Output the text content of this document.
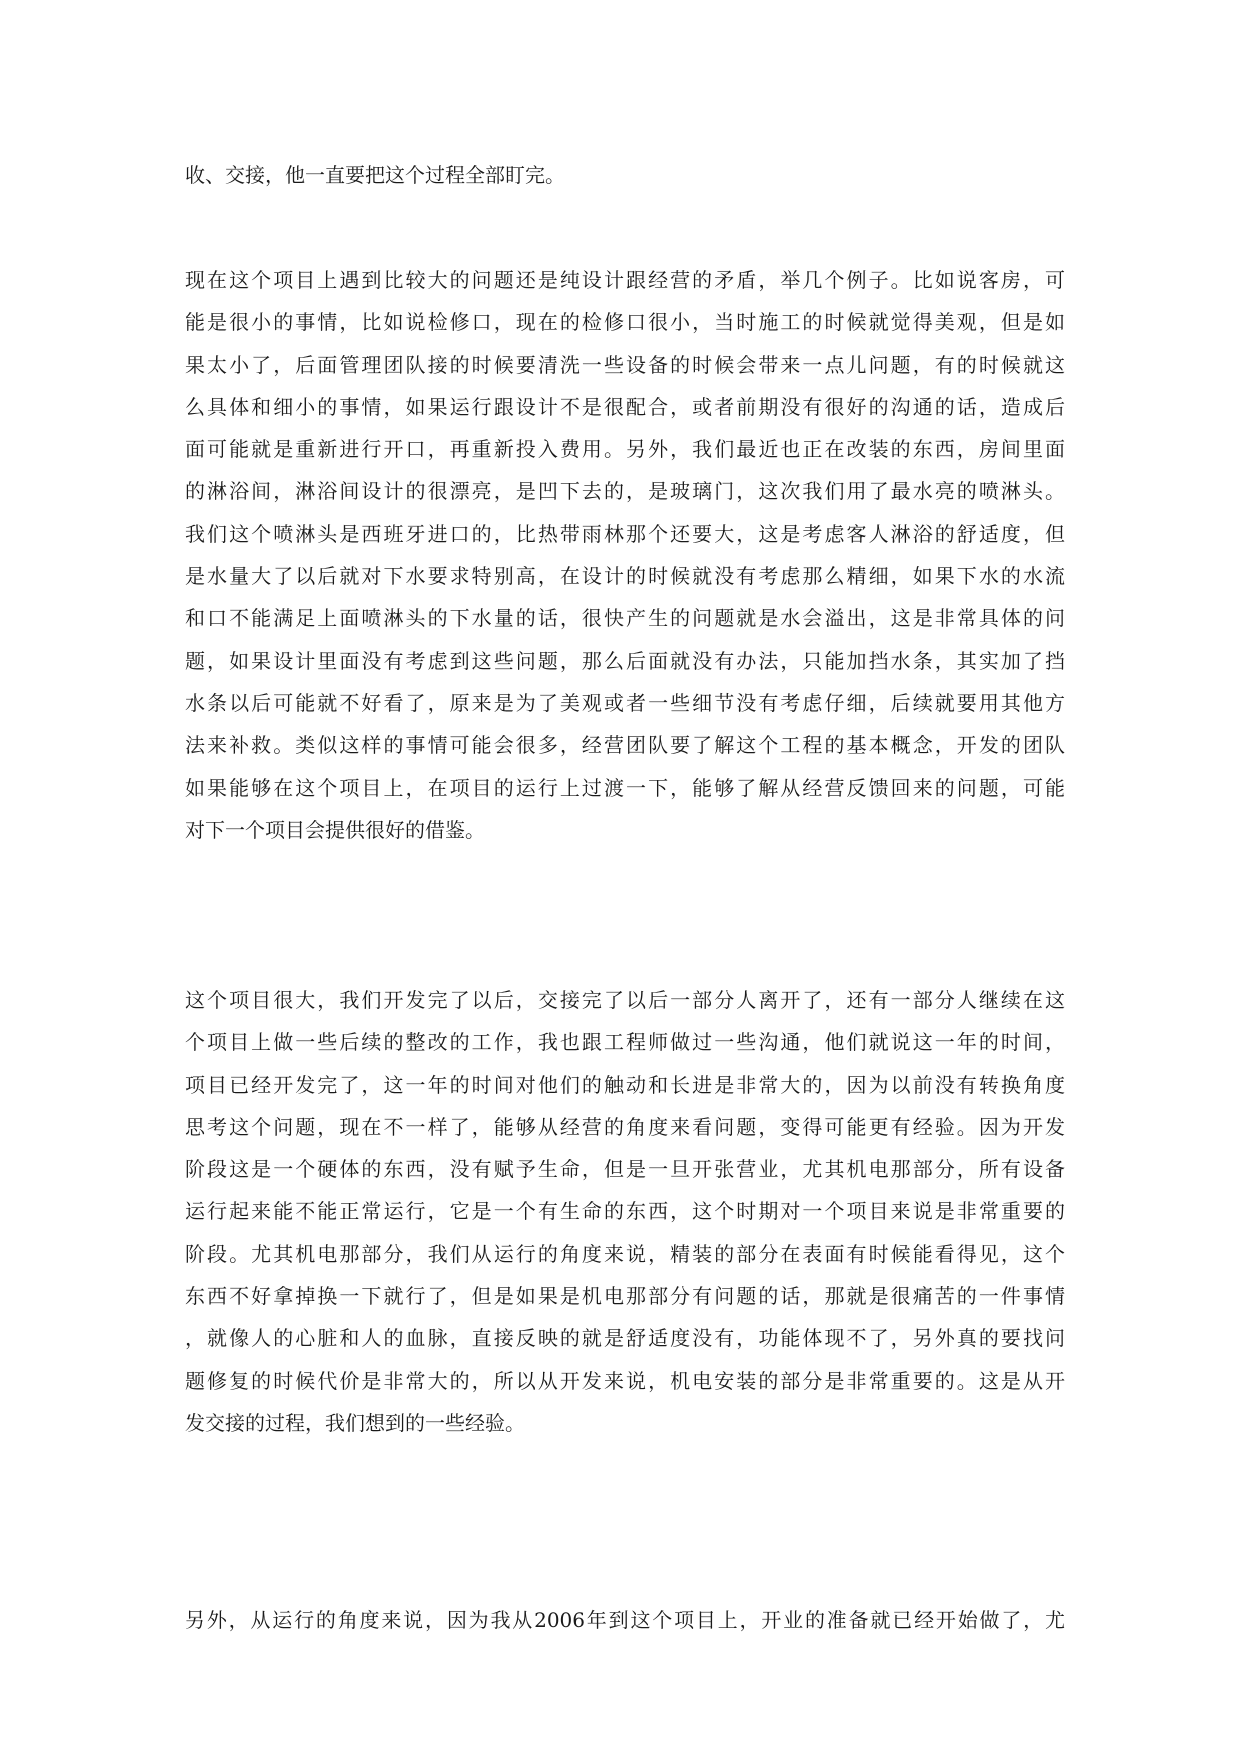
收、交接，他一直要把这个过程全部盯完。
现在这个项目上遇到比较大的问题还是纯设计跟经营的矛盾，举几个例子。比如说客房，可
能是很小的事情，比如说检修口，现在的检修口很小，当时施工的时候就觉得美观，但是如
果太小了，后面管理团队接的时候要清洗一些设备的时候会带来一点儿问题，有的时候就这
么具体和细小的事情，如果运行跟设计不是很配合，或者前期没有很好的沟通的话，造成后
面可能就是重新进行开口，再重新投入费用。另外，我们最近也正在改装的东西，房间里面
的淋浴间，淋浴间设计的很漂亮，是凹下去的，是玻璃门，这次我们用了最水亮的喷淋头。
我们这个喷淋头是西班牙进口的，比热带雨林那个还要大，这是考虑客人淋浴的舒适度，但
是水量大了以后就对下水要求特别高，在设计的时候就没有考虑那么精细，如果下水的水流
和口不能满足上面喷淋头的下水量的话，很快产生的问题就是水会溢出，这是非常具体的问
题，如果设计里面没有考虑到这些问题，那么后面就没有办法，只能加挡水条，其实加了挡
水条以后可能就不好看了，原来是为了美观或者一些细节没有考虑仔细，后续就要用其他方
法来补救。类似这样的事情可能会很多，经营团队要了解这个工程的基本概念，开发的团队
如果能够在这个项目上，在项目的运行上过渡一下，能够了解从经营反馈回来的问题，可能
对下一个项目会提供很好的借鉴。
这个项目很大，我们开发完了以后，交接完了以后一部分人离开了，还有一部分人继续在这
个项目上做一些后续的整改的工作，我也跟工程师做过一些沟通，他们就说这一年的时间，
项目已经开发完了，这一年的时间对他们的触动和长进是非常大的，因为以前没有转换角度
思考这个问题，现在不一样了，能够从经营的角度来看问题，变得可能更有经验。因为开发
阶段这是一个硬体的东西，没有赋予生命，但是一旦开张营业，尤其机电那部分，所有设备
运行起来能不能正常运行，它是一个有生命的东西，这个时期对一个项目来说是非常重要的
阶段。尤其机电那部分，我们从运行的角度来说，精装的部分在表面有时候能看得见，这个
东西不好拿掉换一下就行了，但是如果是机电那部分有问题的话，那就是很痛苦的一件事情
，就像人的心脏和人的血脉，直接反映的就是舒适度没有，功能体现不了，另外真的要找问
题修复的时候代价是非常大的，所以从开发来说，机电安装的部分是非常重要的。这是从开
发交接的过程，我们想到的一些经验。
另外，从运行的角度来说，因为我从2006年到这个项目上，开业的准备就已经开始做了，尤
